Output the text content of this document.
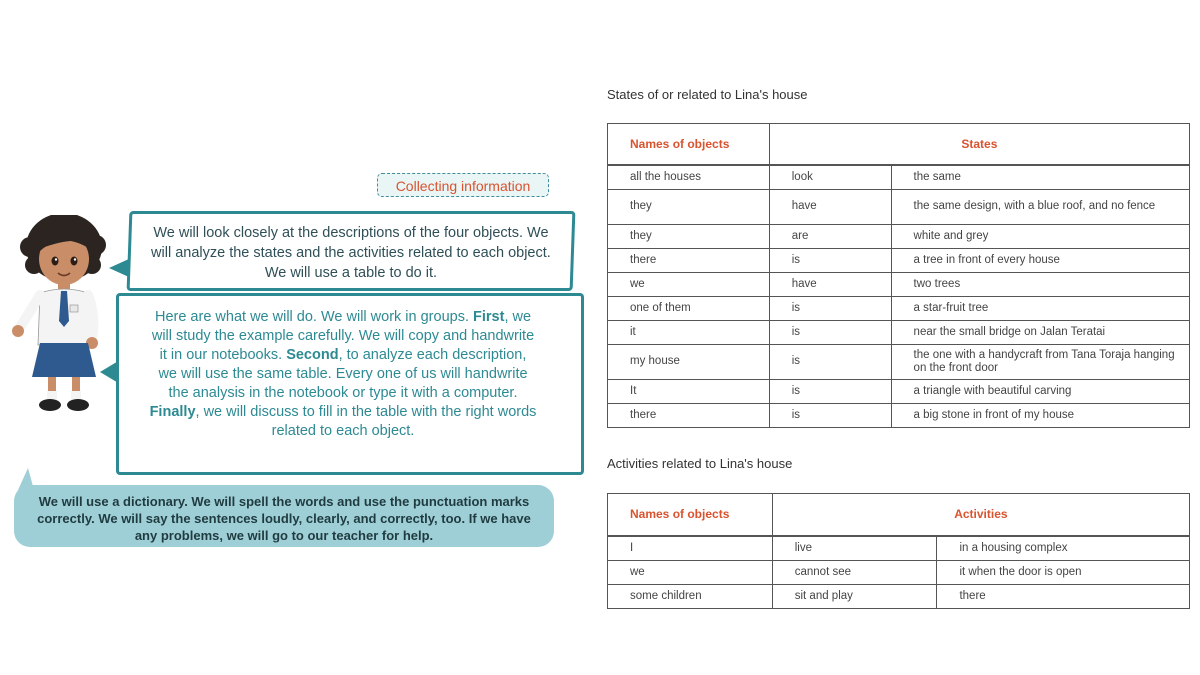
Collecting information
We will look closely at the descriptions of the four objects. We will analyze the states and the activities related to each object. We will use a table to do it.
Here are what we will do. We will work in groups. First, we will study the example carefully. We will copy and handwrite it in our notebooks. Second, to analyze each description, we will use the same table. Every one of us will handwrite the analysis in the notebook or type it with a computer. Finally, we will discuss to fill in the table with the right words related to each object.
We will use a dictionary. We will spell the words and use the punctuation marks correctly. We will say the sentences loudly, clearly, and correctly, too. If we have any problems, we will go to our teacher for help.
States of or related to Lina's house
Names of objects	States	
all the houses	look	the same
they	have	the same design, with a blue roof, and no fence
they	are	white and grey
there	is	a tree in front of every house
we	have	two trees
one of them	is	a star-fruit tree
it	is	near the small bridge on Jalan Teratai
my house	is	the one with a handycraft from Tana Toraja hanging on the front door
It	is	a triangle with beautiful carving
there	is	a big stone in front of my house
Activities related to Lina's house
Names of objects	Activities	
I	live	in a housing complex
we	cannot see	it when the door is open
some children	sit and play	there
